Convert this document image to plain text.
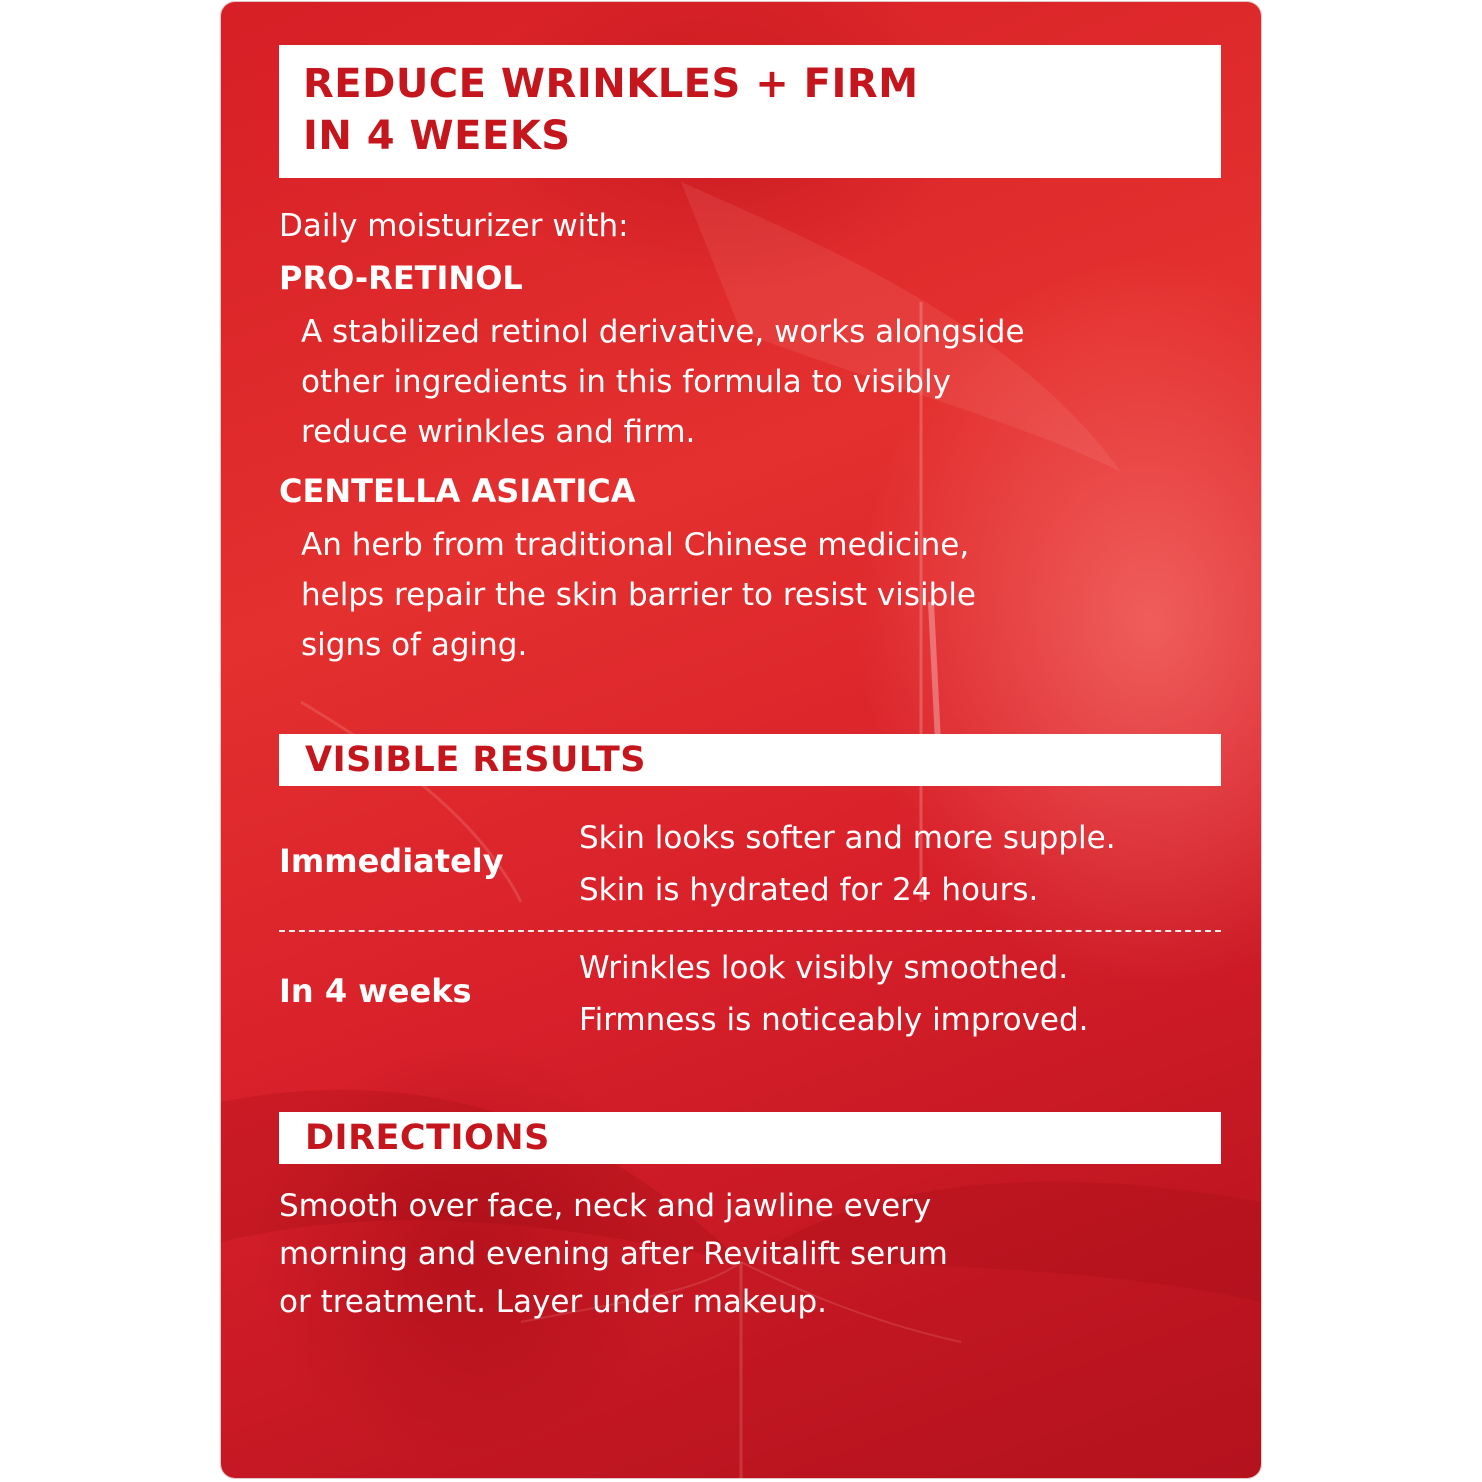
REDUCE WRINKLES + FIRM
IN 4 WEEKS
Daily moisturizer with:
PRO-RETINOL
A stabilized retinol derivative, works alongside
other ingredients in this formula to visibly
reduce wrinkles and firm.
CENTELLA ASIATICA
An herb from traditional Chinese medicine,
helps repair the skin barrier to resist visible
signs of aging.
VISIBLE RESULTS
Immediately
Skin looks softer and more supple.
Skin is hydrated for 24 hours.
In 4 weeks
Wrinkles look visibly smoothed.
Firmness is noticeably improved.
DIRECTIONS
Smooth over face, neck and jawline every
morning and evening after Revitalift serum
or treatment. Layer under makeup.
